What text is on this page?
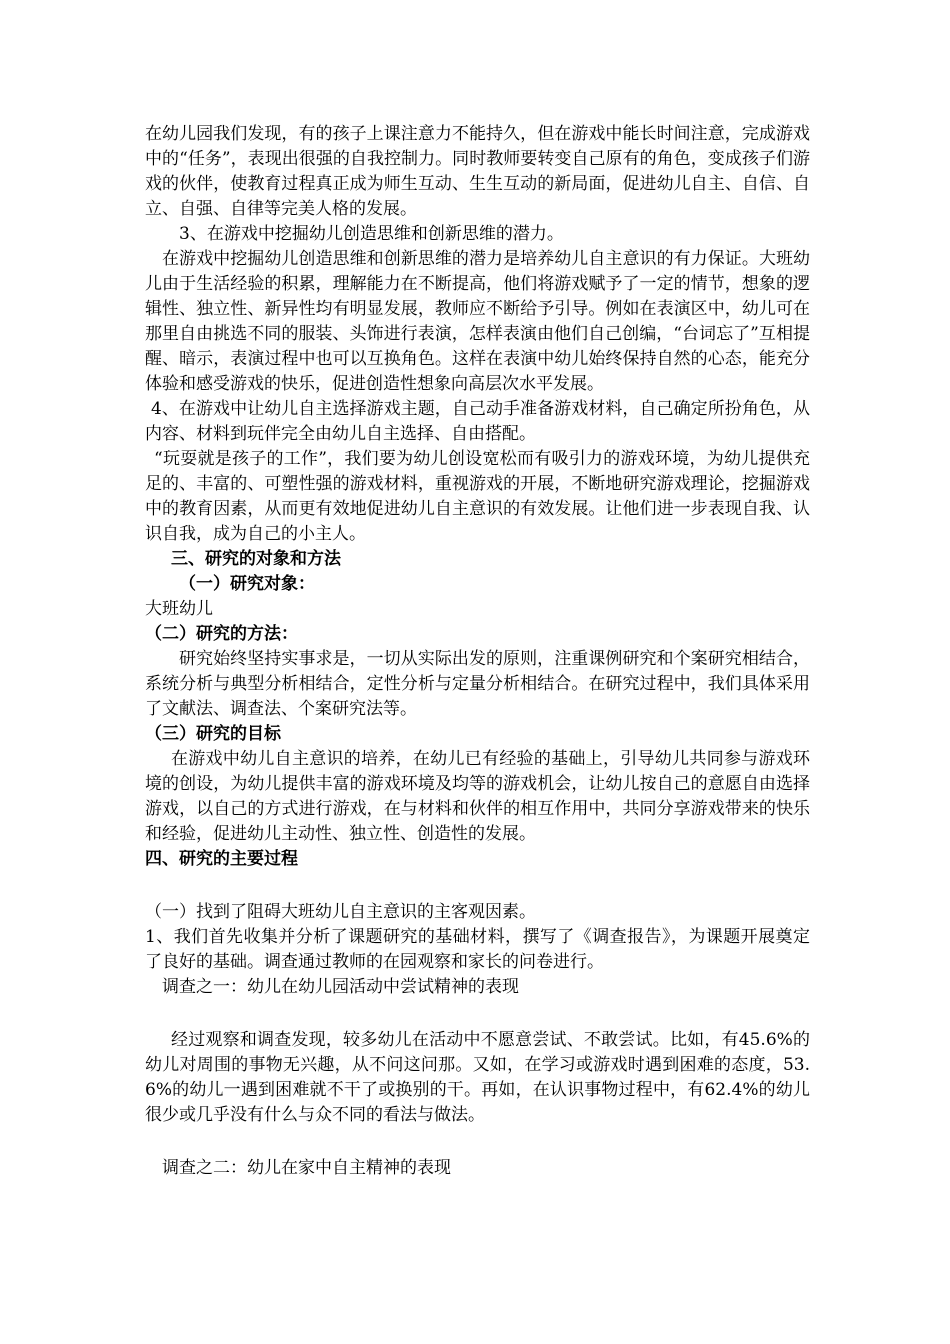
在幼儿园我们发现，有的孩子上课注意力不能持久，但在游戏中能长时间注意，完成游戏中的“任务”，表现出很强的自我控制力。同时教师要转变自己原有的角色，变成孩子们游戏的伙伴，使教育过程真正成为师生互动、生生互动的新局面，促进幼儿自主、自信、自立、自强、自律等完美人格的发展。

3、在游戏中挖掘幼儿创造思维和创新思维的潜力。

在游戏中挖掘幼儿创造思维和创新思维的潜力是培养幼儿自主意识的有力保证。大班幼儿由于生活经验的积累，理解能力在不断提高，他们将游戏赋予了一定的情节，想象的逻辑性、独立性、新异性均有明显发展，教师应不断给予引导。例如在表演区中，幼儿可在那里自由挑选不同的服装、头饰进行表演，怎样表演由他们自己创编，“台词忘了”互相提醒、暗示，表演过程中也可以互换角色。这样在表演中幼儿始终保持自然的心态，能充分体验和感受游戏的快乐，促进创造性想象向高层次水平发展。

4、在游戏中让幼儿自主选择游戏主题，自己动手准备游戏材料，自己确定所扮角色，从内容、材料到玩伴完全由幼儿自主选择、自由搭配。

“玩耍就是孩子的工作”，我们要为幼儿创设宽松而有吸引力的游戏环境，为幼儿提供充足的、丰富的、可塑性强的游戏材料，重视游戏的开展，不断地研究游戏理论，挖掘游戏中的教育因素，从而更有效地促进幼儿自主意识的有效发展。让他们进一步表现自我、认识自我，成为自己的小主人。

三、研究的对象和方法

（一）研究对象：

大班幼儿

（二）研究的方法：

研究始终坚持实事求是，一切从实际出发的原则，注重课例研究和个案研究相结合，系统分析与典型分析相结合，定性分析与定量分析相结合。在研究过程中，我们具体采用了文献法、调查法、个案研究法等。

（三）研究的目标

在游戏中幼儿自主意识的培养，在幼儿已有经验的基础上，引导幼儿共同参与游戏环境的创设，为幼儿提供丰富的游戏环境及均等的游戏机会，让幼儿按自己的意愿自由选择游戏，以自己的方式进行游戏，在与材料和伙伴的相互作用中，共同分享游戏带来的快乐和经验，促进幼儿主动性、独立性、创造性的发展。

四、研究的主要过程

（一）找到了阻碍大班幼儿自主意识的主客观因素。

1、我们首先收集并分析了课题研究的基础材料，撰写了《调查报告》，为课题开展奠定了良好的基础。调查通过教师的在园观察和家长的问卷进行。

调查之一：幼儿在幼儿园活动中尝试精神的表现

经过观察和调查发现，较多幼儿在活动中不愿意尝试、不敢尝试。比如，有45.6%的幼儿对周围的事物无兴趣，从不问这问那。又如，在学习或游戏时遇到困难的态度，53.6%的幼儿一遇到困难就不干了或换别的干。再如，在认识事物过程中，有62.4%的幼儿很少或几乎没有什么与众不同的看法与做法。

调查之二：幼儿在家中自主精神的表现
